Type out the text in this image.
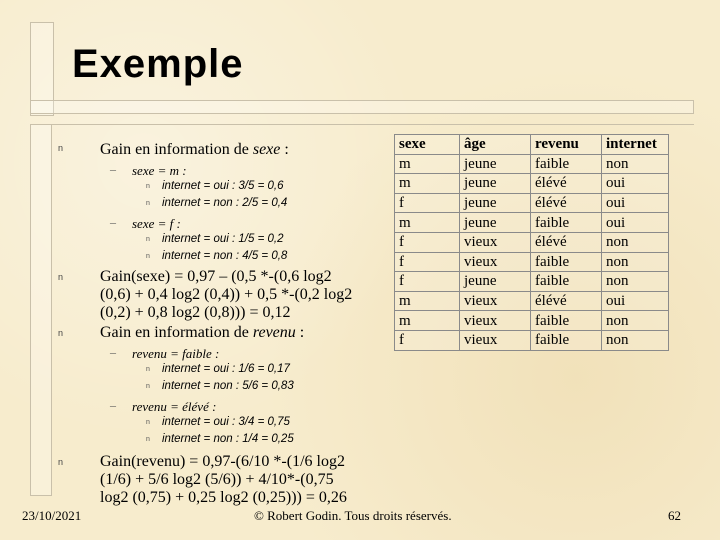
Exemple
n Gain en information de sexe :
– sexe = m :
n internet = oui : 3/5 = 0,6
n internet = non : 2/5 = 0,4
– sexe = f :
n internet = oui : 1/5 = 0,2
n internet = non : 4/5 = 0,8
n Gain(sexe) = 0,97 – (0,5 *-(0,6 log2
(0,6) + 0,4 log2 (0,4)) + 0,5 *-(0,2 log2
(0,2) + 0,8 log2 (0,8))) = 0,12
n Gain en information de revenu :
– revenu = faible :
n internet = oui : 1/6 = 0,17
n internet = non : 5/6 = 0,83
– revenu = élévé :
n internet = oui : 3/4 = 0,75
n internet = non : 1/4 = 0,25
n Gain(revenu) = 0,97-(6/10 *-(1/6 log2
(1/6) + 5/6 log2 (5/6)) + 4/10*-(0,75
log2 (0,75) + 0,25 log2 (0,25))) = 0,26
sexe	âge	revenu	internet
m	jeune	faible	non
m	jeune	élévé	oui
f	jeune	élévé	oui
m	jeune	faible	oui
f	vieux	élévé	non
f	vieux	faible	non
f	jeune	faible	non
m	vieux	élévé	oui
m	vieux	faible	non
f	vieux	faible	non
23/10/2021	© Robert Godin. Tous droits réservés.	62
